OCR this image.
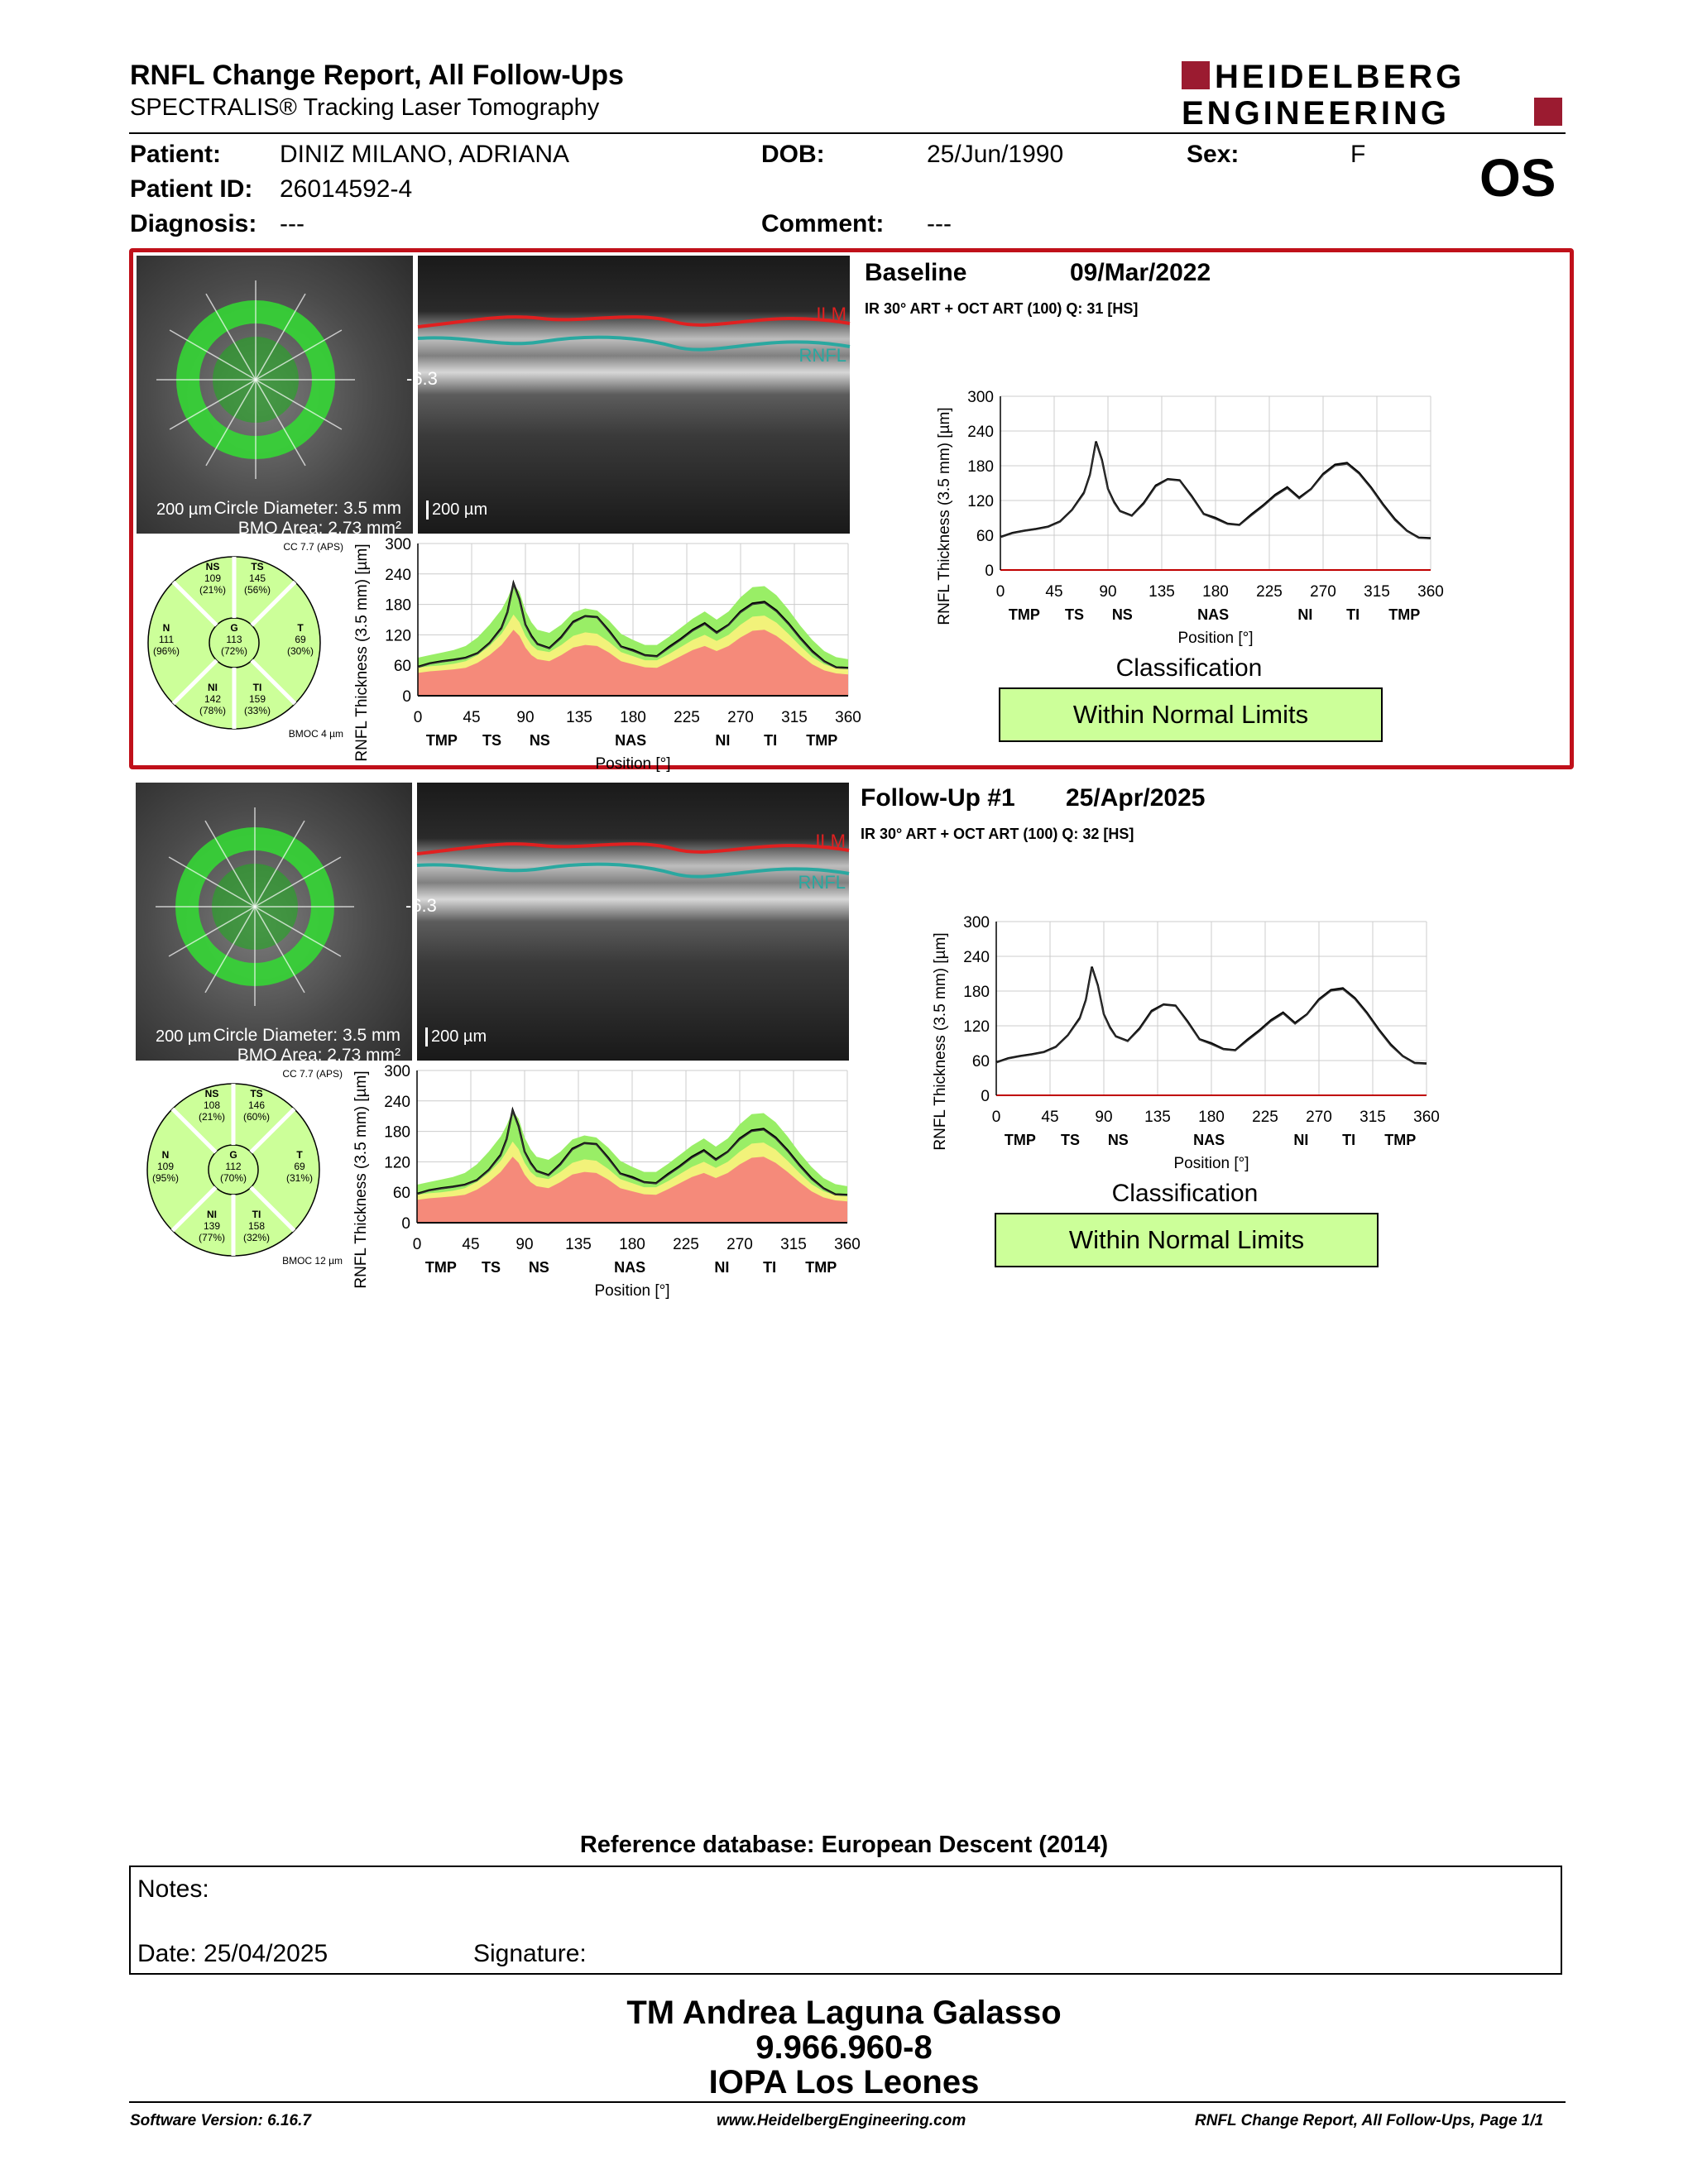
RNFL Change Report, All Follow-Ups
SPECTRALIS® Tracking Laser Tomography
HEIDELBERG
ENGINEERING
Patient: DINIZ MILANO, ADRIANA
Patient ID: 26014592-4
Diagnosis: ---
DOB:	25/Jun/1990
Comment: ---
Sex:	F OS
200 µm Circle Diameter: 3.5 mm
BMO Area: 2.73 mm²
ILM
RNFL
-6.3
200 µm
CC 7.7 (APS)
NS
109
(21%)
TS
145
(56%)
N
111
(96%)
G
113
(72%)
T
69
(30%)
NI
142
(78%)
TI
159
(33%)
BMOC 4 µm
0
60
120
180
240
300
0	45 90 135 180 225 270 315 360
TMP TS NS	NAS	NI TI TMP
Position [°]
RNFL Thickness (3.5 mm) [µm]
Baseline	09/Mar/2022
IR 30° ART + OCT ART (100) Q: 31 [HS]
0
60
120
180
240
300
0	45 90 135 180 225 270 315 360
TMP TS NS	NAS	NI TI TMP
Position [°]
RNFL Thickness (3.5 mm) [µm]
Classification
Within Normal Limits
200 µm Circle Diameter: 3.5 mm
BMO Area: 2.73 mm²
ILM
RNFL
-6.3
200 µm
CC 7.7 (APS)
NS
108
(21%)
TS
146
(60%)
N
109
(95%)
G
112
(70%)
T
69
(31%)
NI
139
(77%)
TI
158
(32%)
BMOC 12 µm
0
60
120
180
240
300
0	45 90 135 180 225 270 315 360
TMP TS NS	NAS	NI TI TMP
Position [°]
RNFL Thickness (3.5 mm) [µm]
Follow-Up #1 25/Apr/2025
IR 30° ART + OCT ART (100) Q: 32 [HS]
0
60
120
180
240
300
0	45 90 135 180 225 270 315 360
TMP TS NS	NAS	NI TI TMP
Position [°]
RNFL Thickness (3.5 mm) [µm]
Classification
Within Normal Limits
Reference database: European Descent (2014)
Notes:
Date: 25/04/2025	Signature:
TM Andrea Laguna Galasso
9.966.960-8
IOPA Los Leones
Software Version: 6.16.7	www.HeidelbergEngineering.com	RNFL Change Report, All Follow-Ups, Page 1/1
